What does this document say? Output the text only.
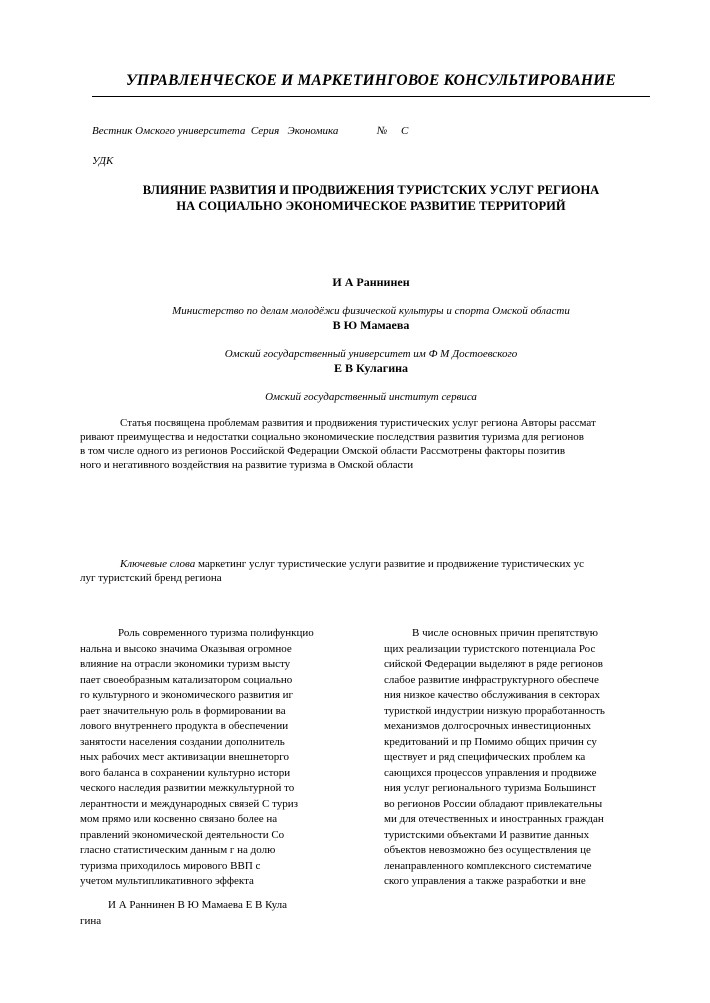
УПРАВЛЕНЧЕСКОЕ И МАРКЕТИНГОВОЕ КОНСУЛЬТИРОВАНИЕ
Вестник Омского университета  Серия   Экономика              №     С
УДК
ВЛИЯНИЕ РАЗВИТИЯ И ПРОДВИЖЕНИЯ ТУРИСТСКИХ УСЛУГ РЕГИОНА
НА СОЦИАЛЬНО ЭКОНОМИЧЕСКОЕ РАЗВИТИЕ ТЕРРИТОРИЙ
И А Раннинен
Министерство по делам молодёжи физической культуры и спорта Омской области
В Ю Мамаева
Омский государственный университет им Ф М Достоевского
Е В Кулагина
Омский государственный институт сервиса
Статья посвящена проблемам развития и продвижения туристических услуг региона Авторы рассмат
ривают преимущества и недостатки социально экономические последствия развития туризма для регионов
в том числе одного из регионов Российской Федерации Омской области Рассмотрены факторы позитив
ного и негативного воздействия на развитие туризма в Омской области
Ключевые слова маркетинг услуг туристические услуги развитие и продвижение туристических ус
луг туристский бренд региона
Роль современного туризма полифункцио
нальна и высоко значима Оказывая огромное
влияние на отрасли экономики туризм высту
пает своеобразным катализатором социально
го культурного и экономического развития иг
рает значительную роль в формировании ва
лового внутреннего продукта в обеспечении
занятости населения создании дополнитель
ных рабочих мест активизации внешнеторго
вого баланса в сохранении культурно истори
ческого наследия развитии межкультурной то
лерантности и международных связей С туриз
мом прямо или косвенно связано более на
правлений экономической деятельности Со
гласно статистическим данным г на долю
туризма приходилось мирового ВВП с
учетом мультипликативного эффекта
В числе основных причин препятствую
щих реализации туристского потенциала Рос
сийской Федерации выделяют в ряде регионов
слабое развитие инфраструктурного обеспече
ния низкое качество обслуживания в секторах
туристкой индустрии низкую проработанность
механизмов долгосрочных инвестиционных
кредитований и пр Помимо общих причин су
ществует и ряд специфических проблем ка
сающихся процессов управления и продвиже
ния услуг регионального туризма Большинст
во регионов России обладают привлекательны
ми для отечественных и иностранных граждан
туристскими объектами И развитие данных
объектов невозможно без осуществления це
ленаправленного комплексного систематиче
ского управления а также разработки и вне
И А Раннинен В Ю Мамаева Е В Кула
гина
